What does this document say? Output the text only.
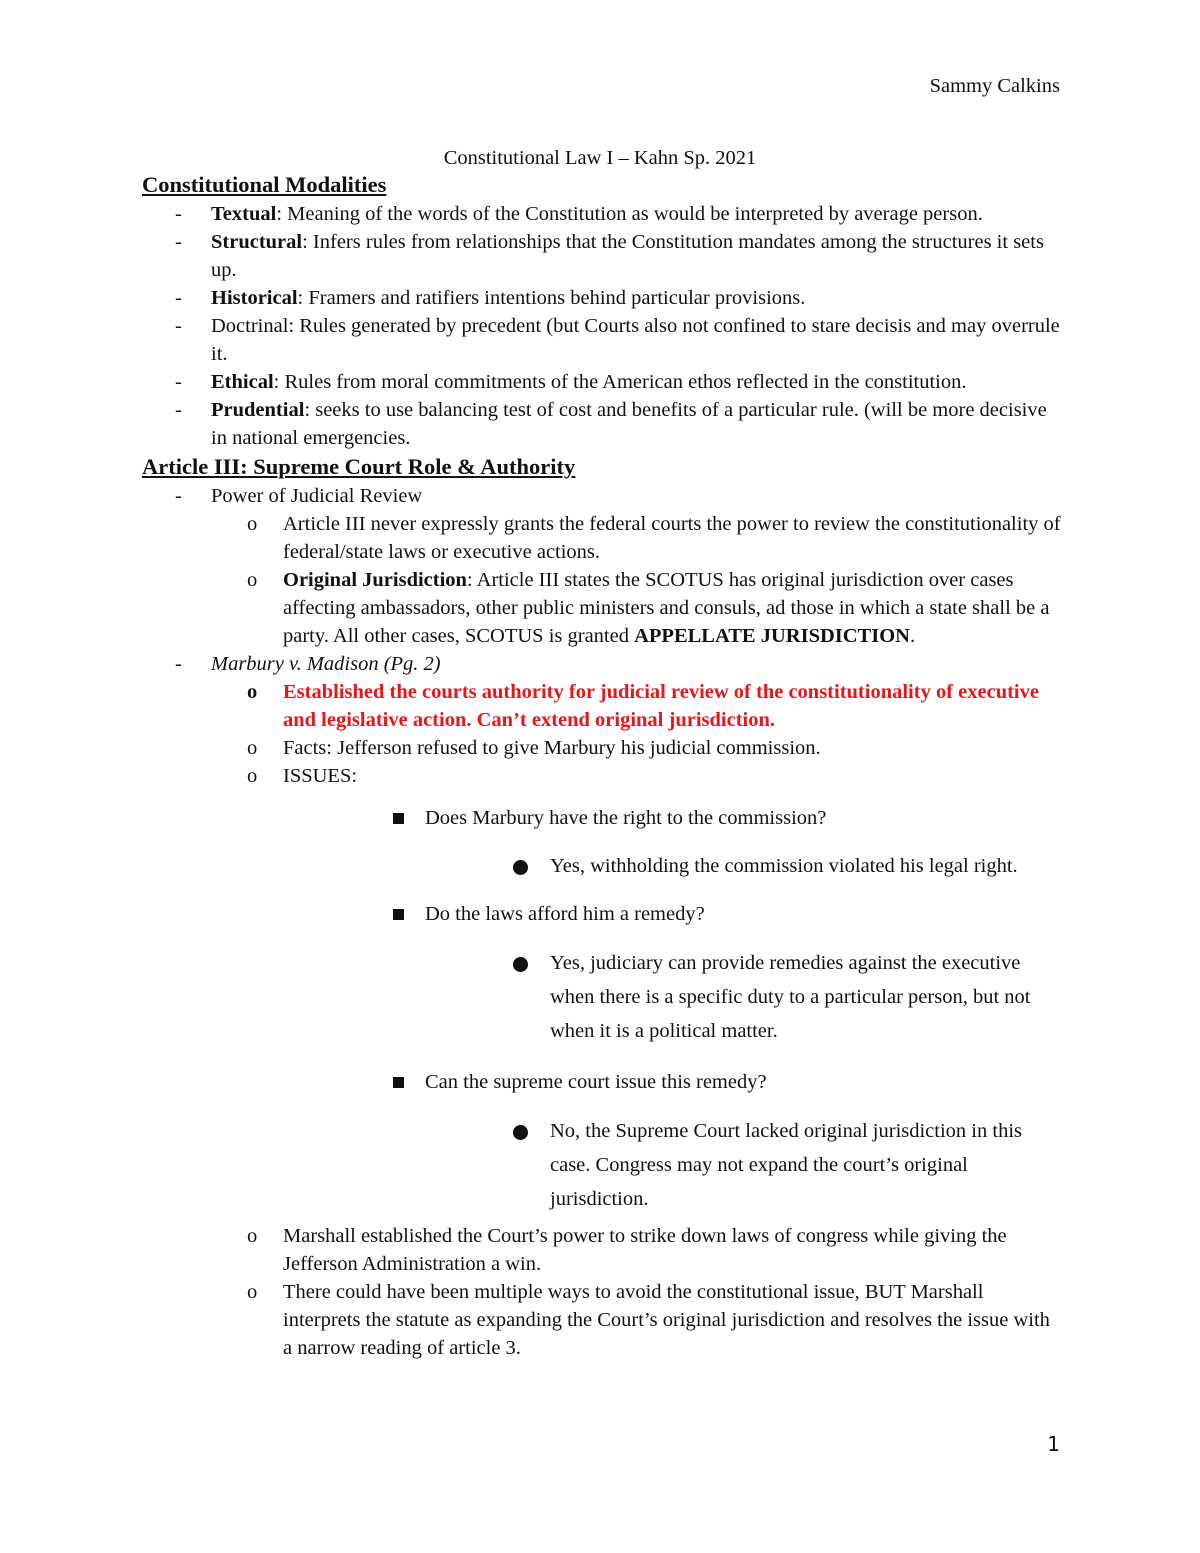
Sammy Calkins
Constitutional Law I – Kahn Sp. 2021
Constitutional Modalities
- Textual: Meaning of the words of the Constitution as would be interpreted by average person.
- Structural: Infers rules from relationships that the Constitution mandates among the structures it sets up.
- Historical: Framers and ratifiers intentions behind particular provisions.
- Doctrinal: Rules generated by precedent (but Courts also not confined to stare decisis and may overrule it.
- Ethical: Rules from moral commitments of the American ethos reflected in the constitution.
- Prudential: seeks to use balancing test of cost and benefits of a particular rule. (will be more decisive in national emergencies.
Article III: Supreme Court Role & Authority
- Power of Judicial Review
o Article III never expressly grants the federal courts the power to review the constitutionality of federal/state laws or executive actions.
o Original Jurisdiction: Article III states the SCOTUS has original jurisdiction over cases affecting ambassadors, other public ministers and consuls, ad those in which a state shall be a party. All other cases, SCOTUS is granted APPELLATE JURISDICTION.
- Marbury v. Madison (Pg. 2)
o Established the courts authority for judicial review of the constitutionality of executive and legislative action. Can’t extend original jurisdiction.
o Facts: Jefferson refused to give Marbury his judicial commission.
o ISSUES:
Does Marbury have the right to the commission?
Yes, withholding the commission violated his legal right.
Do the laws afford him a remedy?
Yes, judiciary can provide remedies against the executive when there is a specific duty to a particular person, but not when it is a political matter.
Can the supreme court issue this remedy?
No, the Supreme Court lacked original jurisdiction in this case. Congress may not expand the court’s original jurisdiction.
o Marshall established the Court’s power to strike down laws of congress while giving the Jefferson Administration a win.
o There could have been multiple ways to avoid the constitutional issue, BUT Marshall interprets the statute as expanding the Court’s original jurisdiction and resolves the issue with a narrow reading of article 3.
1
